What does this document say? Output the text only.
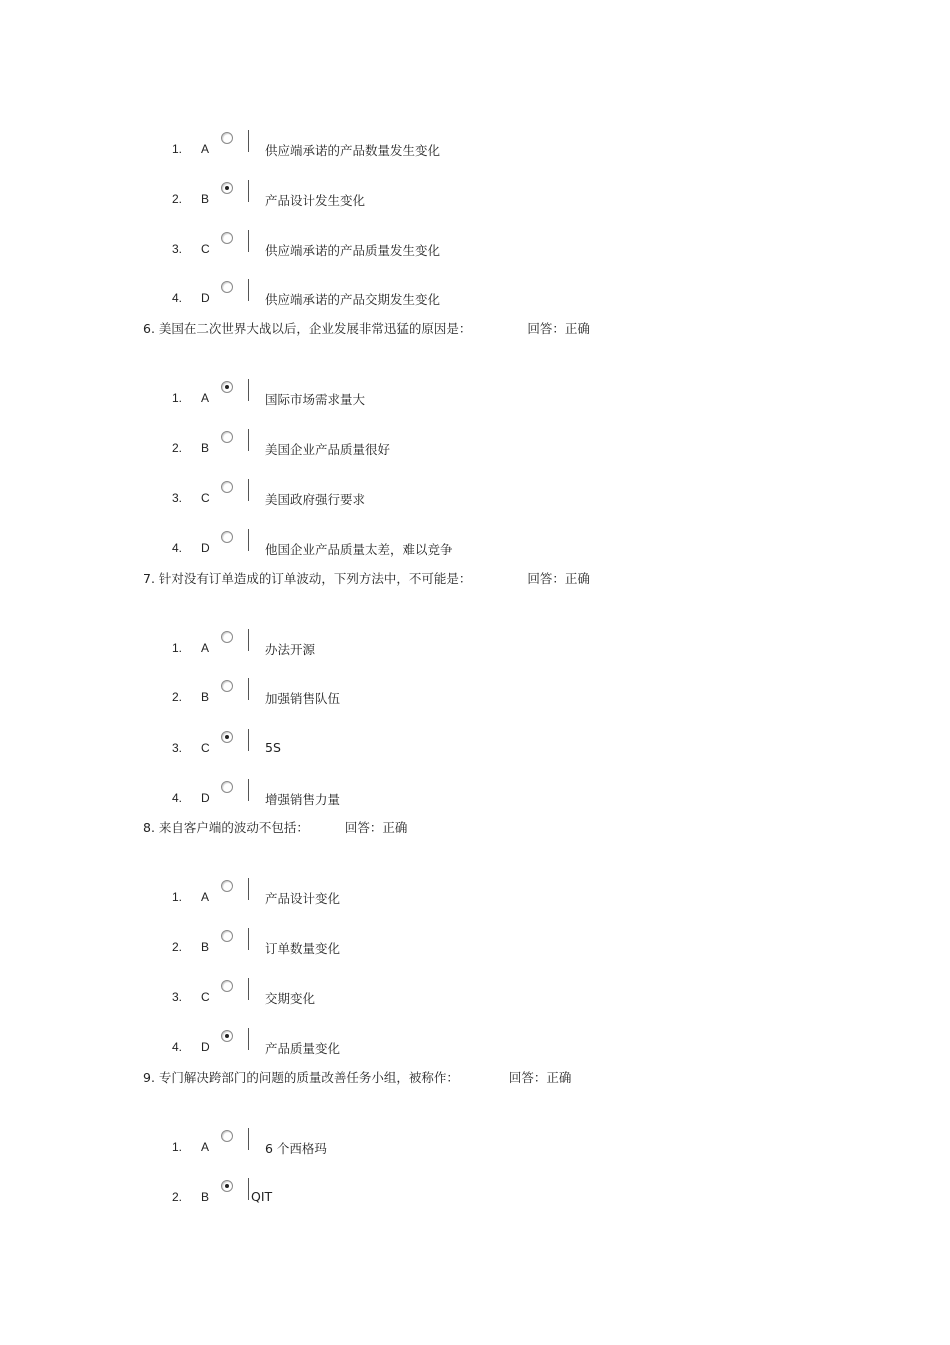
1. A	供应端承诺的产品数量发生变化
2. B	产品设计发生变化
3. C	供应端承诺的产品质量发生变化
4. D	供应端承诺的产品交期发生变化
6. 美国在二次世界大战以后，企业发展非常迅猛的原因是：	回答：正确
1. A	国际市场需求量大
2. B	美国企业产品质量很好
3. C	美国政府强行要求
4. D	他国企业产品质量太差，难以竞争
7. 针对没有订单造成的订单波动，下列方法中，不可能是：	回答：正确
1. A	办法开源
2. B	加强销售队伍
3. C	5S
4. D	增强销售力量
8. 来自客户端的波动不包括：	回答：正确
1. A	产品设计变化
2. B	订单数量变化
3. C	交期变化
4. D	产品质量变化
9. 专门解决跨部门的问题的质量改善任务小组，被称作：	回答：正确
1. A	6 个西格玛
2. B	QIT
